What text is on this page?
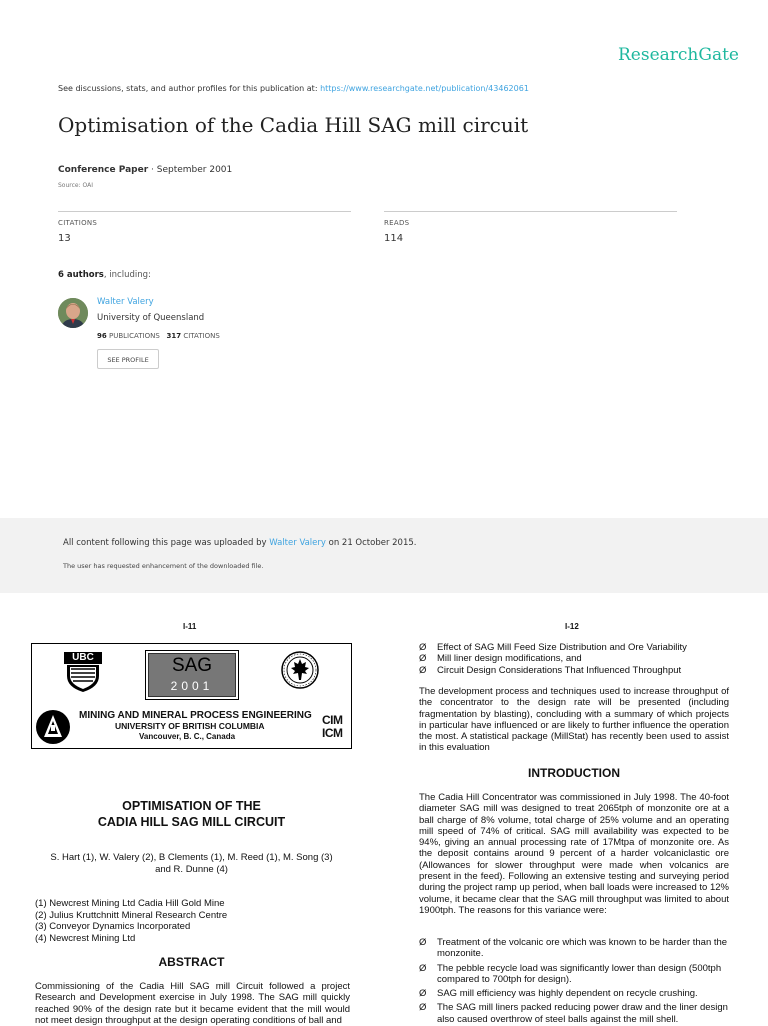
ResearchGate
See discussions, stats, and author profiles for this publication at: https://www.researchgate.net/publication/43462061
Optimisation of the Cadia Hill SAG mill circuit
Conference Paper · September 2001
Source: OAI
CITATIONS
13
READS
114
6 authors, including:
Walter Valery
University of Queensland
96 PUBLICATIONS 317 CITATIONS
SEE PROFILE
All content following this page was uploaded by Walter Valery on 21 October 2015.
The user has requested enhancement of the downloaded file.
I-11	I-12
UBC	SAG
2001
MINING AND MINERAL PROCESS ENGINEERING
UNIVERSITY OF BRITISH COLUMBIA
Vancouver, B. C., Canada
CIM
ICM
OPTIMISATION OF THE
CADIA HILL SAG MILL CIRCUIT
S. Hart (1), W. Valery (2), B Clements (1), M. Reed (1), M. Song (3)
and R. Dunne (4)
(1) Newcrest Mining Ltd Cadia Hill Gold Mine
(2) Julius Kruttchnitt Mineral Research Centre
(3) Conveyor Dynamics Incorporated
(4) Newcrest Mining Ltd
ABSTRACT
Commissioning of the Cadia Hill SAG mill Circuit followed a project Research and Development exercise in July 1998. The SAG mill quickly reached 90% of the design rate but it became evident that the mill would not meet design throughput at the design operating conditions of ball and
Ø Effect of SAG Mill Feed Size Distribution and Ore Variability
Ø Mill liner design modifications, and
Ø Circuit Design Considerations That Influenced Throughput
The development process and techniques used to increase throughput of the concentrator to the design rate will be presented (including fragmentation by blasting), concluding with a summary of which projects in particular have influenced or are likely to further influence the operation the most. A statistical package (MillStat) has recently been used to assist in this evaluation
INTRODUCTION
The Cadia Hill Concentrator was commissioned in July 1998. The 40-foot diameter SAG mill was designed to treat 2065tph of monzonite ore at a ball charge of 8% volume, total charge of 25% volume and an operating mill speed of 74% of critical. SAG mill availability was expected to be 94%, giving an annual processing rate of 17Mtpa of monzonite ore. As the deposit contains around 9 percent of a harder volcaniclastic ore (Allowances for slower throughput were made when volcanics are present in the feed). Following an extensive testing and surveying period during the project ramp up period, when ball loads were increased to 12% volume, it became clear that the SAG mill throughput was limited to about 1900tph. The reasons for this variance were:
Ø Treatment of the volcanic ore which was known to be harder than the monzonite.
Ø The pebble recycle load was significantly lower than design (500tph compared to 700tph for design).
Ø SAG mill efficiency was highly dependent on recycle crushing.
Ø The SAG mill liners packed reducing power draw and the liner design also caused overthrow of steel balls against the mill shell.
